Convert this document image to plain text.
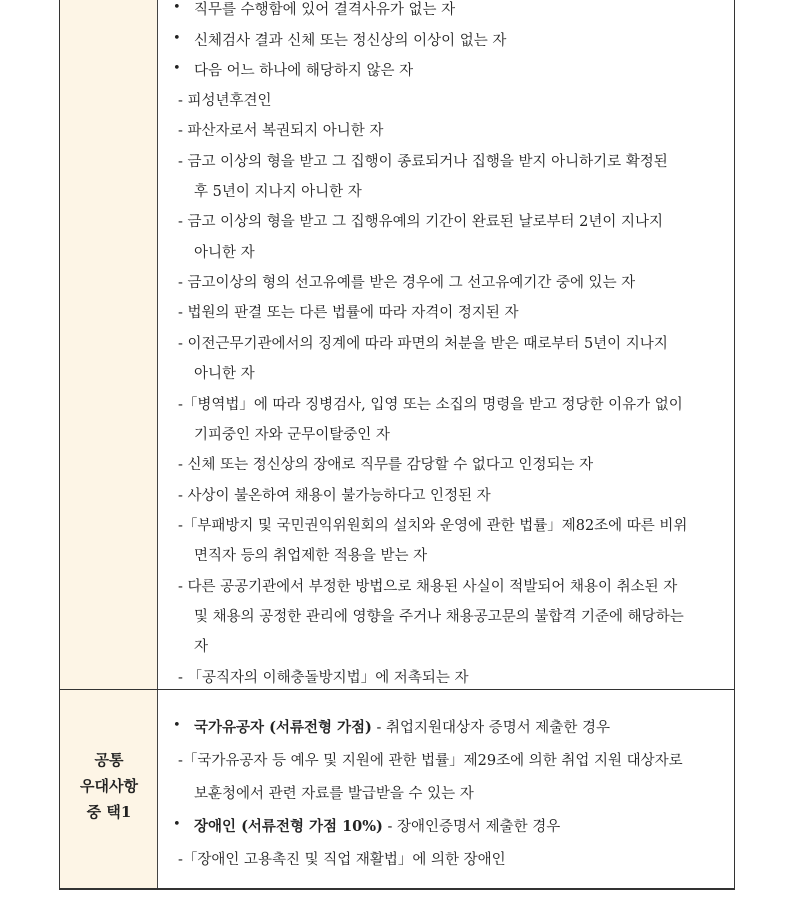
공통
우대사항
중 택1
• 직무를 수행함에 있어 결격사유가 없는 자
• 신체검사 결과 신체 또는 정신상의 이상이 없는 자
• 다음 어느 하나에 해당하지 않은 자
- 피성년후견인
- 파산자로서 복권되지 아니한 자
- 금고 이상의 형을 받고 그 집행이 종료되거나 집행을 받지 아니하기로 확정된
후 5년이 지나지 아니한 자
- 금고 이상의 형을 받고 그 집행유예의 기간이 완료된 날로부터 2년이 지나지
아니한 자
- 금고이상의 형의 선고유예를 받은 경우에 그 선고유예기간 중에 있는 자
- 법원의 판결 또는 다른 법률에 따라 자격이 정지된 자
- 이전근무기관에서의 징계에 따라 파면의 처분을 받은 때로부터 5년이 지나지
아니한 자
-「병역법」에 따라 징병검사, 입영 또는 소집의 명령을 받고 정당한 이유가 없이
기피중인 자와 군무이탈중인 자
- 신체 또는 정신상의 장애로 직무를 감당할 수 없다고 인정되는 자
- 사상이 불온하여 채용이 불가능하다고 인정된 자
-「부패방지 및 국민권익위원회의 설치와 운영에 관한 법률」제82조에 따른 비위
면직자 등의 취업제한 적용을 받는 자
- 다른 공공기관에서 부정한 방법으로 채용된 사실이 적발되어 채용이 취소된 자
및 채용의 공정한 관리에 영향을 주거나 채용공고문의 불합격 기준에 해당하는
자
- 「공직자의 이해충돌방지법」에 저촉되는 자
• 국가유공자 (서류전형 가점) - 취업지원대상자 증명서 제출한 경우
-「국가유공자 등 예우 및 지원에 관한 법률」제29조에 의한 취업 지원 대상자로
보훈청에서 관련 자료를 발급받을 수 있는 자
• 장애인 (서류전형 가점 10%) - 장애인증명서 제출한 경우
-「장애인 고용촉진 및 직업 재활법」에 의한 장애인
